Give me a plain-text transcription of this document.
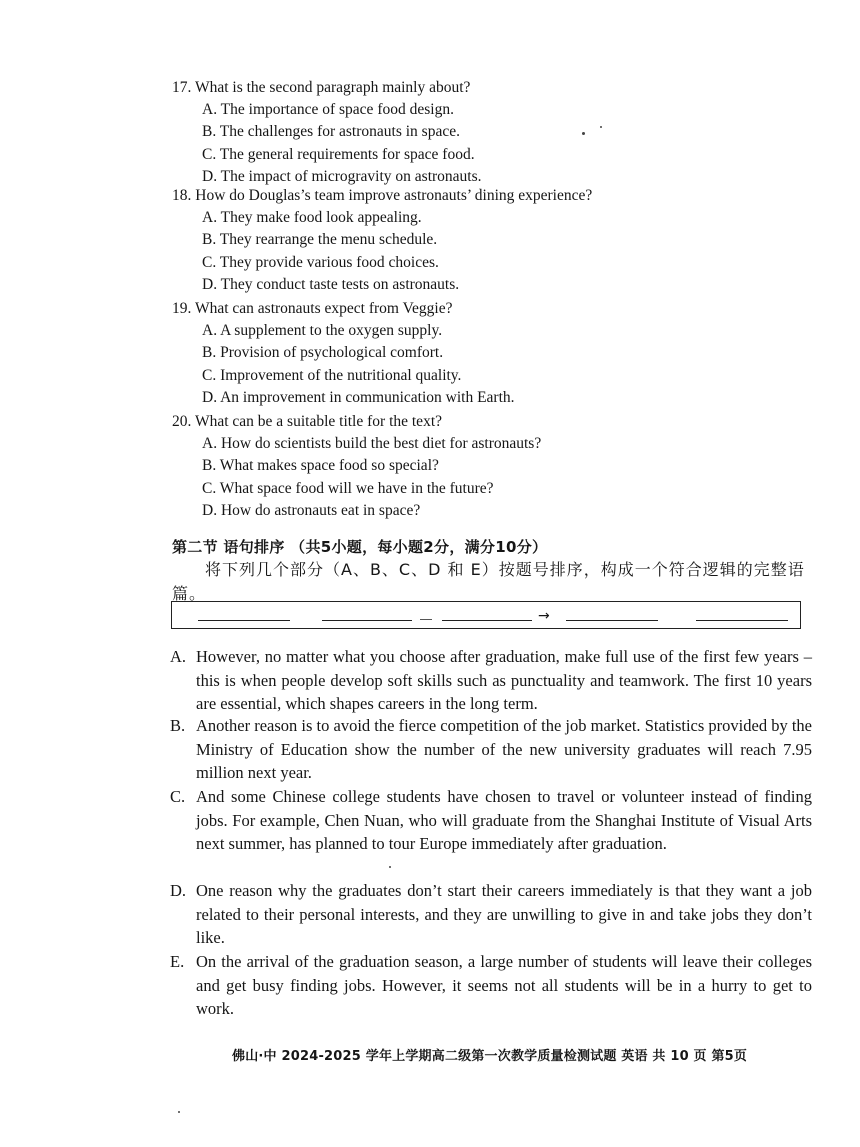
17. What is the second paragraph mainly about?
A. The importance of space food design.
B. The challenges for astronauts in space.
C. The general requirements for space food.
D. The impact of microgravity on astronauts.
18. How do Douglas’s team improve astronauts’ dining experience?
A. They make food look appealing.
B. They rearrange the menu schedule.
C. They provide various food choices.
D. They conduct taste tests on astronauts.
19. What can astronauts expect from Veggie?
A. A supplement to the oxygen supply.
B. Provision of psychological comfort.
C. Improvement of the nutritional quality.
D. An improvement in communication with Earth.
20. What can be a suitable title for the text?
A. How do scientists build the best diet for astronauts?
B. What makes space food so special?
C. What space food will we have in the future?
D. How do astronauts eat in space?
第二节 语句排序 （共5小题，每小题2分，满分10分）
将下列几个部分（A、B、C、D 和 E）按题号排序，构成一个符合逻辑的完整语篇。
→
A. However, no matter what you choose after graduation, make full use of the first few years – this is when people develop soft skills such as punctuality and teamwork. The first 10 years are essential, which shapes careers in the long term.
B. Another reason is to avoid the fierce competition of the job market. Statistics provided by the Ministry of Education show the number of the new university graduates will reach 7.95 million next year.
C. And some Chinese college students have chosen to travel or volunteer instead of finding jobs. For example, Chen Nuan, who will graduate from the Shanghai Institute of Visual Arts next summer, has planned to tour Europe immediately after graduation.
D. One reason why the graduates don’t start their careers immediately is that they want a job related to their personal interests, and they are unwilling to give in and take jobs they don’t like.
E. On the arrival of the graduation season, a large number of students will leave their colleges and get busy finding jobs. However, it seems not all students will be in a hurry to get to work.
佛山·中 2024-2025 学年上学期高二级第一次教学质量检测试题 英语 共 10 页 第5页
